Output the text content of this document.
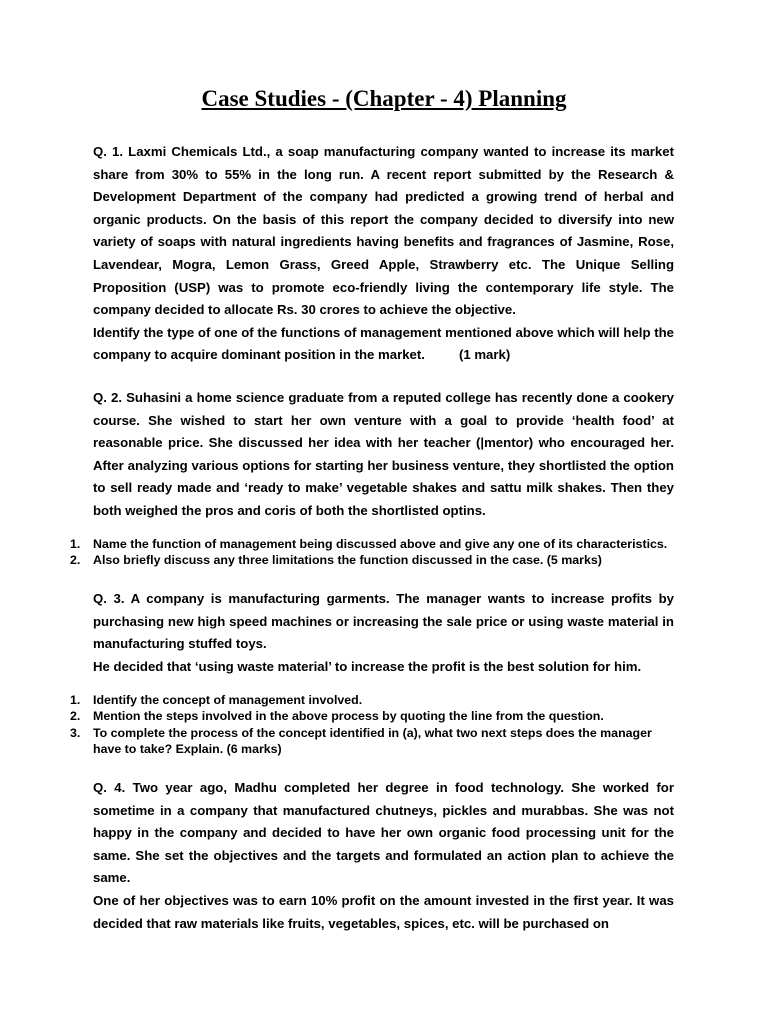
Case Studies - (Chapter - 4) Planning

Q. 1. Laxmi Chemicals Ltd., a soap manufacturing company wanted to increase its market share from 30% to 55% in the long run. A recent report submitted by the Research & Development Department of the company had predicted a growing trend of herbal and organic products. On the basis of this report the company decided to diversify into new variety of soaps with natural ingredients having benefits and fragrances of Jasmine, Rose, Lavendear, Mogra, Lemon Grass, Greed Apple, Strawberry etc. The Unique Selling Proposition (USP) was to promote eco-friendly living the contemporary life style. The company decided to allocate Rs. 30 crores to achieve the objective.

Identify the type of one of the functions of management mentioned above which will help the company to acquire dominant position in the market.	(1 mark)

Q. 2. Suhasini a home science graduate from a reputed college has recently done a cookery course. She wished to start her own venture with a goal to provide ‘health food’ at reasonable price. She discussed her idea with her teacher (|mentor) who encouraged her. After analyzing various options for starting her business venture, they shortlisted the option to sell ready made and ‘ready to make’ vegetable shakes and sattu milk shakes. Then they both weighed the pros and coris of both the shortlisted optins.

1.	Name the function of management being discussed above and give any one of its characteristics.
2.	Also briefly discuss any three limitations the function discussed in the case. (5 marks)

Q. 3. A company is manufacturing garments. The manager wants to increase profits by purchasing new high speed machines or increasing the sale price or using waste material in manufacturing stuffed toys.

He decided that ‘using waste material’ to increase the profit is the best solution for him.

1.	Identify the concept of management involved.
2.	Mention the steps involved in the above process by quoting the line from the question.
3.	To complete the process of the concept identified in (a), what two next steps does the manager have to take? Explain. (6 marks)

Q. 4. Two year ago, Madhu completed her degree in food technology. She worked for sometime in a company that manufactured chutneys, pickles and murabbas. She was not happy in the company and decided to have her own organic food processing unit for the same. She set the objectives and the targets and formulated an action plan to achieve the same.

One of her objectives was to earn 10% profit on the amount invested in the first year. It was decided that raw materials like fruits, vegetables, spices, etc. will be purchased on
